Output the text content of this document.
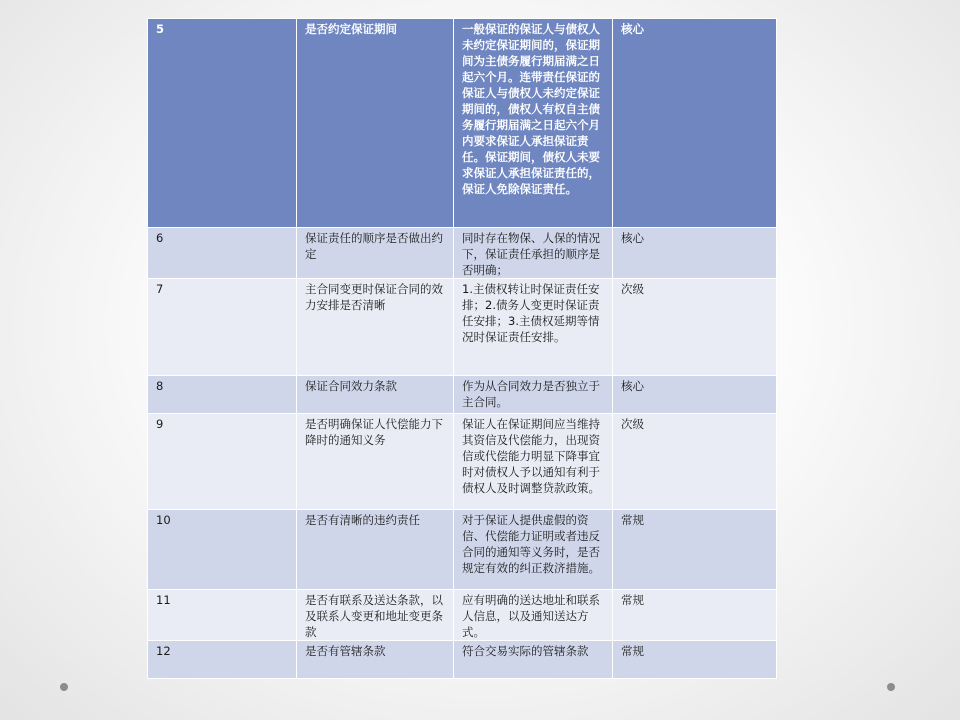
5	是否约定保证期间	一般保证的保证人与债权人未约定保证期间的，保证期间为主债务履行期届满之日起六个月。连带责任保证的保证人与债权人未约定保证期间的，债权人有权自主债务履行期届满之日起六个月内要求保证人承担保证责任。保证期间，债权人未要求保证人承担保证责任的，保证人免除保证责任。	核心
6	保证责任的顺序是否做出约定	同时存在物保、人保的情况下，保证责任承担的顺序是否明确；	核心
7	主合同变更时保证合同的效力安排是否清晰	1.主债权转让时保证责任安排；2.债务人变更时保证责任安排；3.主债权延期等情况时保证责任安排。	次级
8	保证合同效力条款	作为从合同效力是否独立于主合同。	核心
9	是否明确保证人代偿能力下降时的通知义务	保证人在保证期间应当维持其资信及代偿能力，出现资信或代偿能力明显下降事宜时对债权人予以通知有利于债权人及时调整贷款政策。	次级
10	是否有清晰的违约责任	对于保证人提供虚假的资信、代偿能力证明或者违反合同的通知等义务时，是否规定有效的纠正救济措施。	常规
11	是否有联系及送达条款，以及联系人变更和地址变更条款	应有明确的送达地址和联系人信息，以及通知送达方式。	常规
12	是否有管辖条款	符合交易实际的管辖条款	常规
